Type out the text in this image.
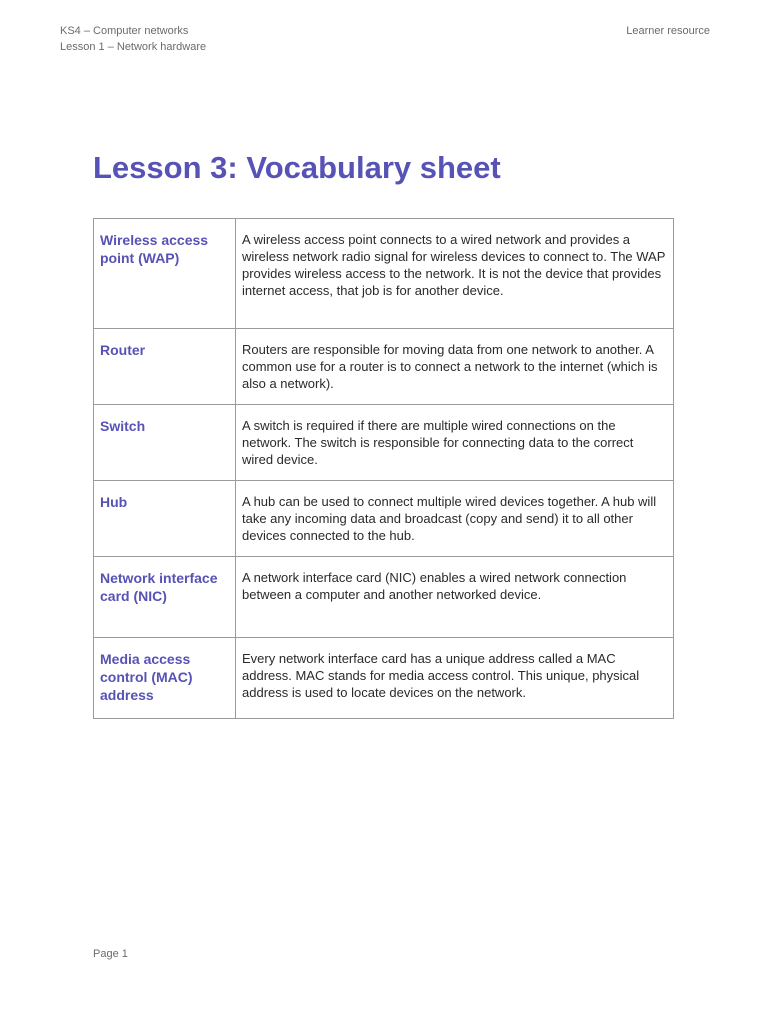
KS4 – Computer networks
Lesson 1 – Network hardware
Learner resource
Lesson 3: Vocabulary sheet
Wireless access point (WAP)	A wireless access point connects to a wired network and provides a wireless network radio signal for wireless devices to connect to. The WAP provides wireless access to the network. It is not the device that provides internet access, that job is for another device.
Router	Routers are responsible for moving data from one network to another. A common use for a router is to connect a network to the internet (which is also a network).
Switch	A switch is required if there are multiple wired connections on the network. The switch is responsible for connecting data to the correct wired device.
Hub	A hub can be used to connect multiple wired devices together. A hub will take any incoming data and broadcast (copy and send) it to all other devices connected to the hub.
Network interface card (NIC)	A network interface card (NIC) enables a wired network connection between a computer and another networked device.
Media access control (MAC) address	Every network interface card has a unique address called a MAC address. MAC stands for media access control. This unique, physical address is used to locate devices on the network.
Page 1
